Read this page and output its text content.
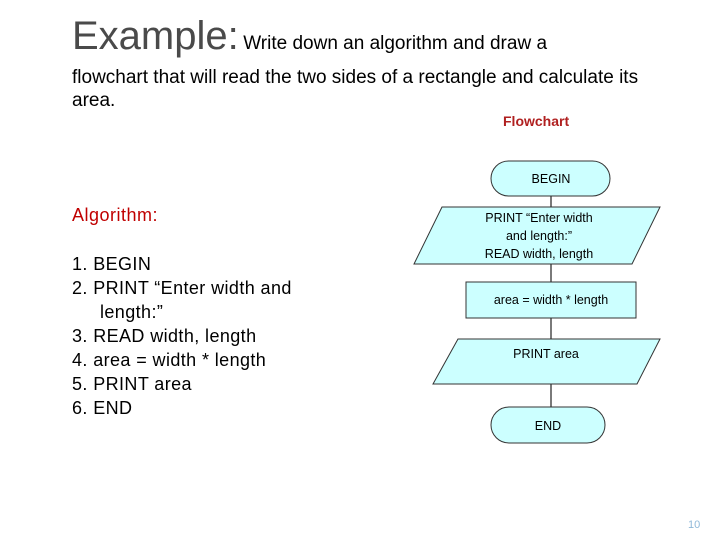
Example: Write down an algorithm and draw a
flowchart that will read the two sides of a rectangle and calculate its area.
Flowchart
Algorithm:
1. BEGIN
2. PRINT “Enter width and
length:”
3. READ width, length
4. area = width * length
5. PRINT area
6. END
BEGIN
PRINT “Enter width
and length:”
READ width, length
area = width * length
PRINT area
END
10
